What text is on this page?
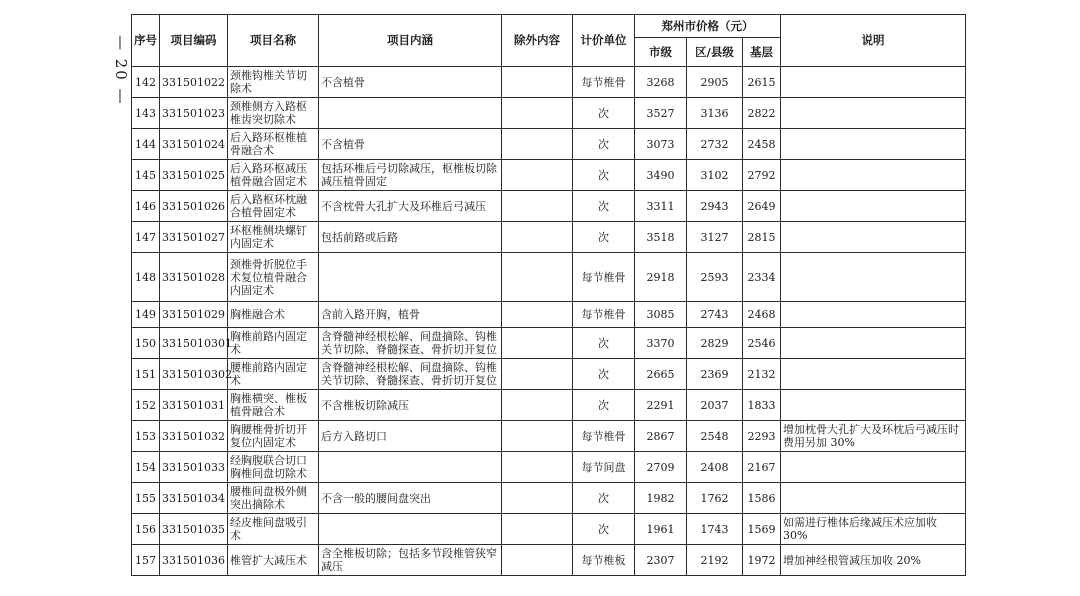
— 20 — 序号	项目编码	项目名称	项目内涵	除外内容	计价单位	郑州市价格（元）			说明
						市级	区/县级	基层	
142	331501022	颈椎钩椎关节切除术	不含植骨		每节椎骨	3268	2905	2615	
143	331501023	颈椎侧方入路枢椎齿突切除术			次	3527	3136	2822	
144	331501024	后入路环枢椎植骨融合术	不含植骨		次	3073	2732	2458	
145	331501025	后入路环枢减压植骨融合固定术	包括环椎后弓切除减压，枢椎板切除减压植骨固定		次	3490	3102	2792	
146	331501026	后入路枢环枕融合植骨固定术	不含枕骨大孔扩大及环椎后弓减压		次	3311	2943	2649	
147	331501027	环枢椎侧块螺钉内固定术	包括前路或后路		次	3518	3127	2815	
148	331501028	颈椎骨折脱位手术复位植骨融合内固定术			每节椎骨	2918	2593	2334	
149	331501029	胸椎融合术	含前入路开胸，植骨		每节椎骨	3085	2743	2468	
150	3315010301	胸椎前路内固定术	含脊髓神经根松解、间盘摘除、钩椎关节切除、脊髓探查、骨折切开复位		次	3370	2829	2546	
151	3315010302	腰椎前路内固定术	含脊髓神经根松解、间盘摘除、钩椎关节切除、脊髓探查、骨折切开复位		次	2665	2369	2132	
152	331501031	胸椎横突、椎板植骨融合术	不含椎板切除减压		次	2291	2037	1833	
153	331501032	胸腰椎骨折切开复位内固定术	后方入路切口		每节椎骨	2867	2548	2293	增加枕骨大孔扩大及环枕后弓减压时费用另加 30%
154	331501033	经胸腹联合切口胸椎间盘切除术			每节间盘	2709	2408	2167	
155	331501034	腰椎间盘极外侧突出摘除术	不含一般的腰间盘突出		次	1982	1762	1586	
156	331501035	经皮椎间盘吸引术			次	1961	1743	1569	如需进行椎体后缘减压术应加收 30%
157	331501036	椎管扩大减压术	含全椎板切除；包括多节段椎管狭窄减压		每节椎板	2307	2192	1972	增加神经根管减压加收 20%
